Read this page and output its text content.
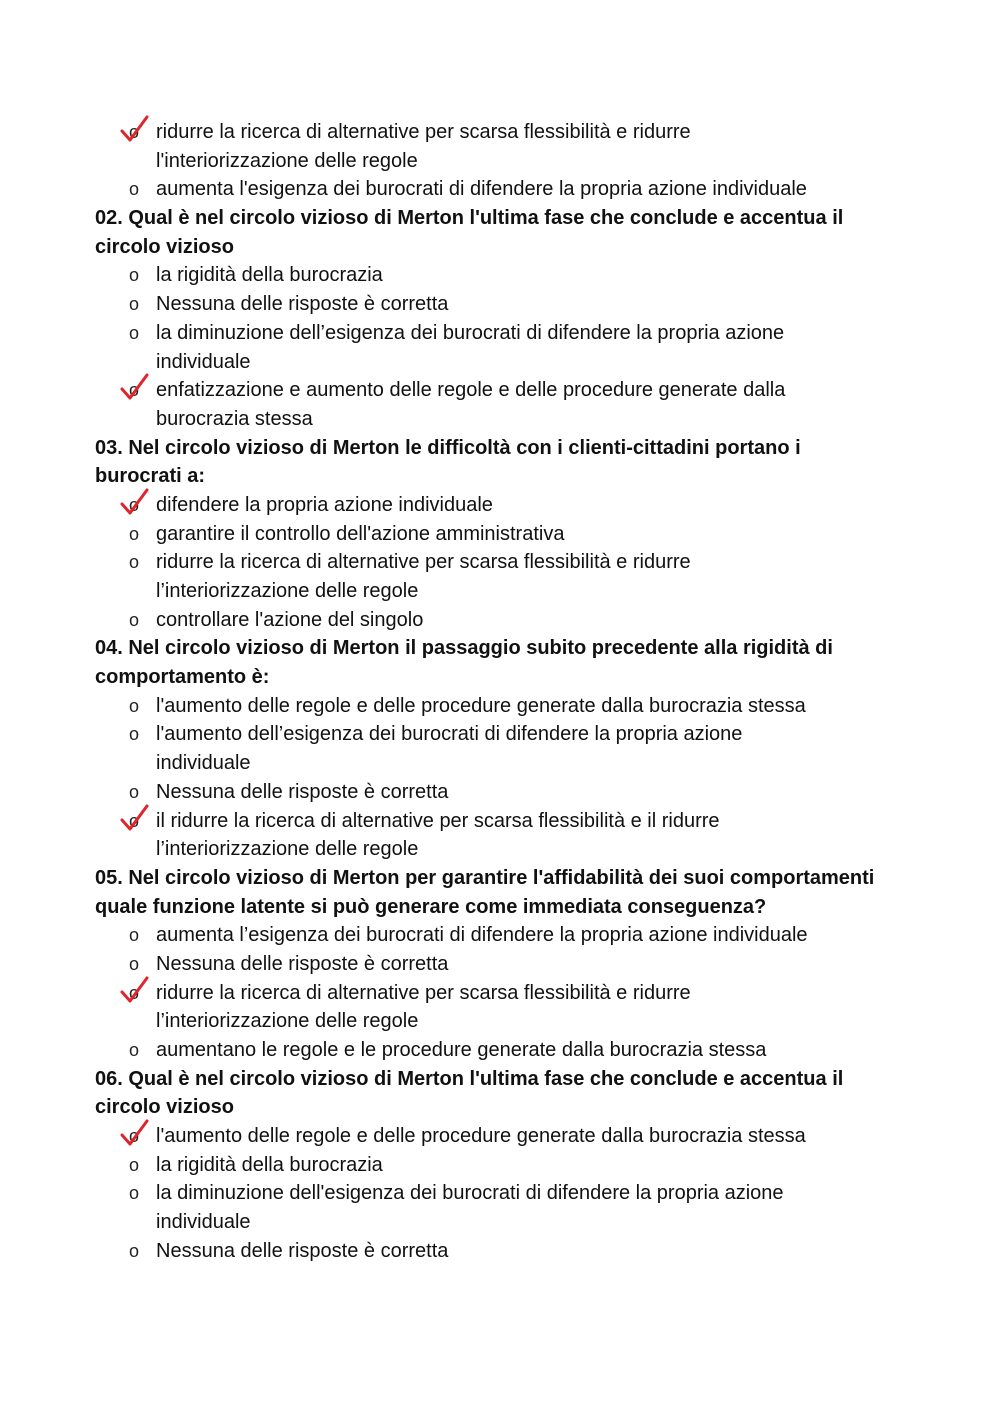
o ridurre la ricerca di alternative per scarsa flessibilità e ridurre
l'interiorizzazione delle regole
o aumenta l'esigenza dei burocrati di difendere la propria azione individuale
02. Qual è nel circolo vizioso di Merton l'ultima fase che conclude e accentua il
circolo vizioso
o la rigidità della burocrazia
o Nessuna delle risposte è corretta
o la diminuzione dell’esigenza dei burocrati di difendere la propria azione
individuale
o enfatizzazione e aumento delle regole e delle procedure generate dalla
burocrazia stessa
03. Nel circolo vizioso di Merton le difficoltà con i clienti-cittadini portano i
burocrati a:
o difendere la propria azione individuale
o garantire il controllo dell'azione amministrativa
o ridurre la ricerca di alternative per scarsa flessibilità e ridurre
l’interiorizzazione delle regole
o controllare l'azione del singolo
04. Nel circolo vizioso di Merton il passaggio subito precedente alla rigidità di
comportamento è:
o l'aumento delle regole e delle procedure generate dalla burocrazia stessa
o l'aumento dell’esigenza dei burocrati di difendere la propria azione
individuale
o Nessuna delle risposte è corretta
o il ridurre la ricerca di alternative per scarsa flessibilità e il ridurre
l’interiorizzazione delle regole
05. Nel circolo vizioso di Merton per garantire l'affidabilità dei suoi comportamenti
quale funzione latente si può generare come immediata conseguenza?
o aumenta l’esigenza dei burocrati di difendere la propria azione individuale
o Nessuna delle risposte è corretta
o ridurre la ricerca di alternative per scarsa flessibilità e ridurre
l’interiorizzazione delle regole
o aumentano le regole e le procedure generate dalla burocrazia stessa
06. Qual è nel circolo vizioso di Merton l'ultima fase che conclude e accentua il
circolo vizioso
o l'aumento delle regole e delle procedure generate dalla burocrazia stessa
o la rigidità della burocrazia
o la diminuzione dell'esigenza dei burocrati di difendere la propria azione
individuale
o Nessuna delle risposte è corretta
